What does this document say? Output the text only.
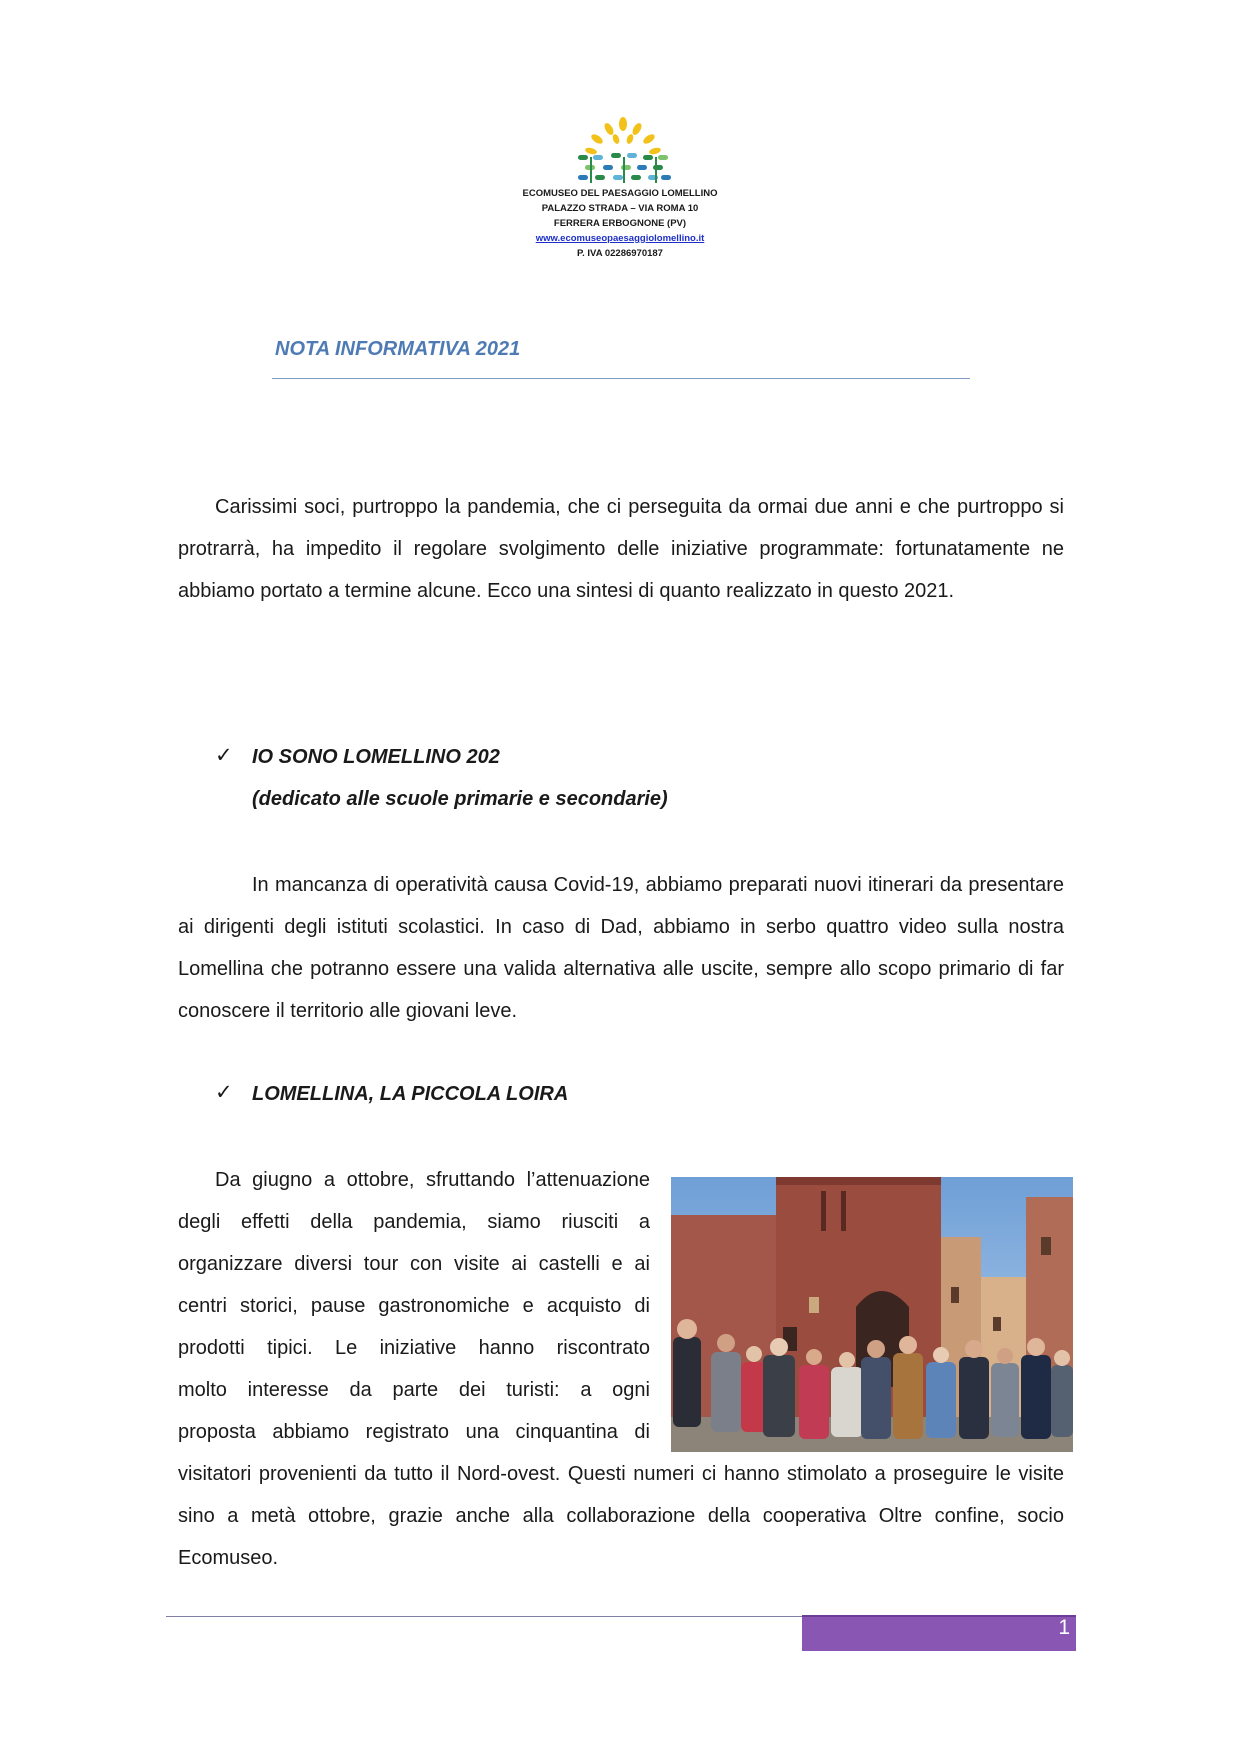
ECOMUSEO DEL PAESAGGIO LOMELLINO
PALAZZO STRADA – VIA ROMA 10
FERRERA ERBOGNONE (PV)
www.ecomuseopaesaggiolomellino.it
P. IVA 02286970187
NOTA INFORMATIVA 2021

Carissimi soci, purtroppo la pandemia, che ci perseguita da ormai due anni e che purtroppo si protrarrà, ha impedito il regolare svolgimento delle iniziative programmate: fortunatamente ne abbiamo portato a termine alcune. Ecco una sintesi di quanto realizzato in questo 2021.

✓ IO SONO LOMELLINO 202
(dedicato alle scuole primarie e secondarie)

In mancanza di operatività causa Covid-19, abbiamo preparati nuovi itinerari da presentare ai dirigenti degli istituti scolastici. In caso di Dad, abbiamo in serbo quattro video sulla nostra Lomellina che potranno essere una valida alternativa alle uscite, sempre allo scopo primario di far conoscere il territorio alle giovani leve.

✓ LOMELLINA, LA PICCOLA LOIRA
Da giugno a ottobre, sfruttando l’attenuazione
degli effetti della pandemia, siamo riusciti a
organizzare diversi tour con visite ai castelli e ai
centri storici, pause gastronomiche e acquisto di
prodotti tipici. Le iniziative hanno riscontrato
molto interesse da parte dei turisti: a ogni
proposta abbiamo registrato una cinquantina di

visitatori provenienti da tutto il Nord-ovest. Questi numeri ci hanno stimolato a proseguire le visite sino a metà ottobre, grazie anche alla collaborazione della cooperativa Oltre confine, socio Ecomuseo.

1
